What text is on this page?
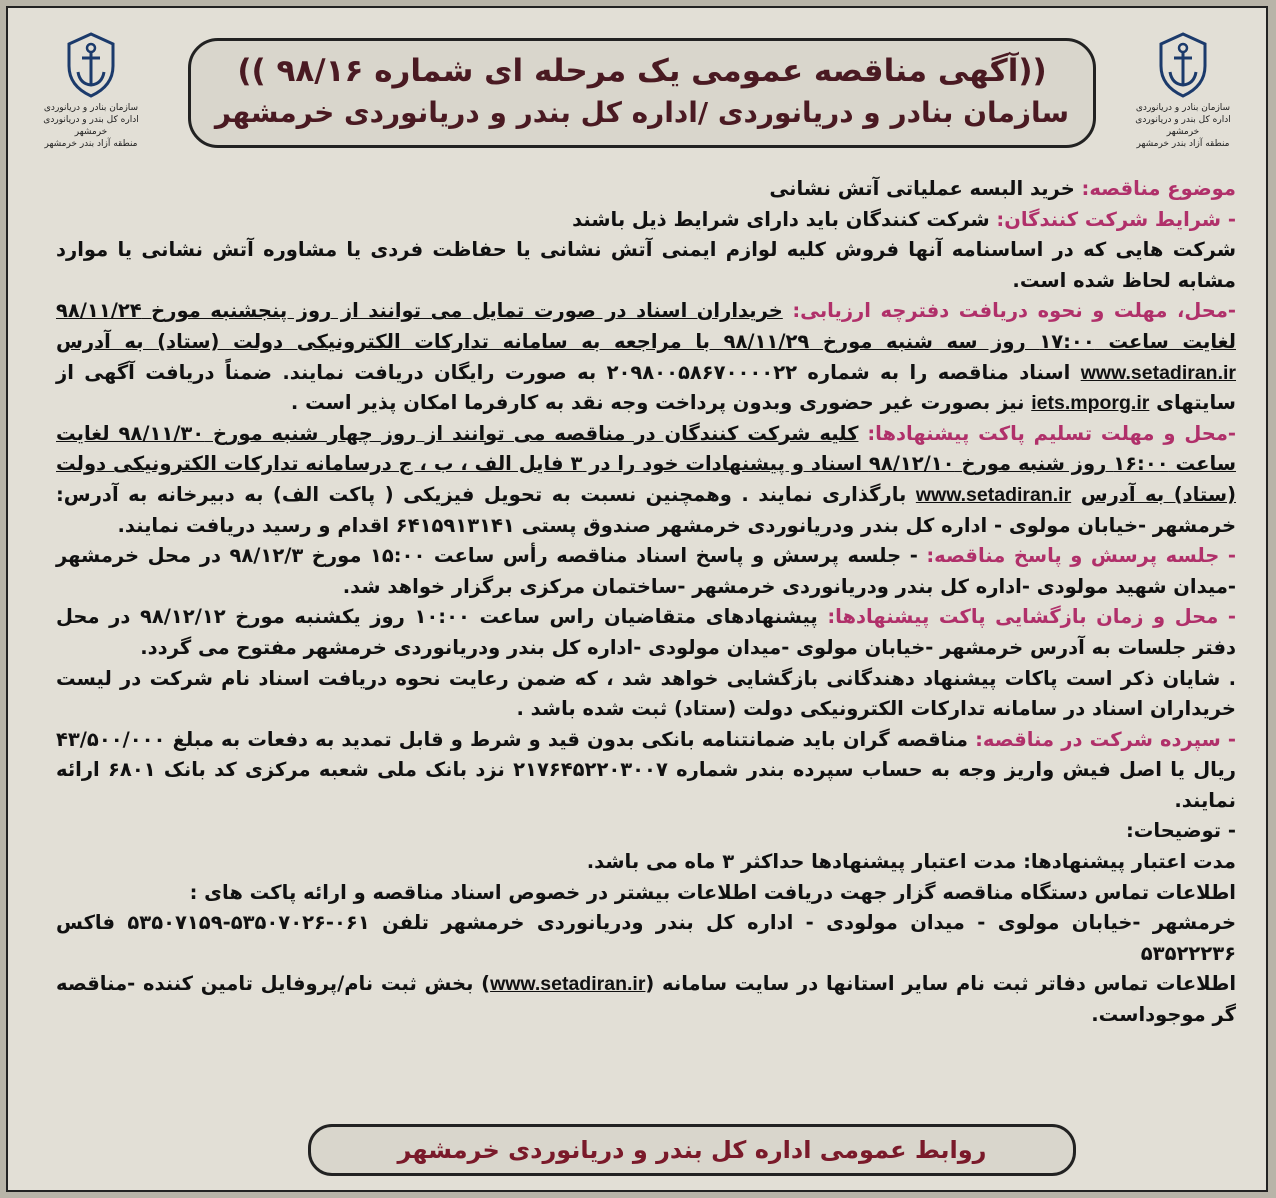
سازمان بنادر و دریانوردی
اداره کل بندر و دریانوردی خرمشهر
منطقه آزاد بندر خرمشهر
سازمان بنادر و دریانوردی
اداره کل بندر و دریانوردی خرمشهر
منطقه آزاد بندر خرمشهر
((آگهی مناقصه عمومی یک مرحله ای شماره ۹۸/۱۶ ))
سازمان بنادر و دریانوردی /اداره کل بندر و دریانوردی خرمشهر

موضوع مناقصه: خرید البسه عملیاتی آتش نشانی

- شرایط شرکت کنندگان: شرکت کنندگان باید دارای شرایط ذیل باشند

شرکت هایی که در اساسنامه آنها فروش کلیه لوازم ایمنی آتش نشانی یا حفاظت فردی یا مشاوره آتش نشانی یا موارد مشابه لحاظ شده است.

-محل، مهلت و نحوه دریافت دفترچه ارزیابی: خریداران اسناد در صورت تمایل می توانند از روز پنجشنبه مورخ ۹۸/۱۱/۲۴ لغایت ساعت ۱۷:۰۰ روز سه شنبه مورخ ۹۸/۱۱/۲۹ با مراجعه به سامانه تدارکات الکترونیکی دولت (ستاد) به آدرس www.setadiran.ir اسناد مناقصه را به شماره ۲۰۹۸۰۰۵۸۶۷۰۰۰۰۲۲ به صورت رایگان دریافت نمایند. ضمناً دریافت آگهی از سایتهای iets.mporg.ir نیز بصورت غیر حضوری وبدون پرداخت وجه نقد به کارفرما امکان پذیر است .

-محل و مهلت تسلیم پاکت پیشنهادها: کلیه شرکت کنندگان در مناقصه می توانند از روز چهار شنبه مورخ ۹۸/۱۱/۳۰ لغایت ساعت ۱۶:۰۰ روز شنبه مورخ ۹۸/۱۲/۱۰ اسناد و پیشنهادات خود را در ۳ فایل الف ، ب ، ج درسامانه تدارکات الکترونیکی دولت (ستاد) به آدرس www.setadiran.ir بارگذاری نمایند . وهمچنین نسبت به تحویل فیزیکی ( پاکت الف) به دبیرخانه به آدرس: خرمشهر -خیابان مولوی - اداره کل بندر ودریانوردی خرمشهر صندوق پستی ۶۴۱۵۹۱۳۱۴۱ اقدام و رسید دریافت نمایند.

- جلسه پرسش و پاسخ مناقصه: - جلسه پرسش و پاسخ اسناد مناقصه رأس ساعت ۱۵:۰۰ مورخ ۹۸/۱۲/۳ در محل خرمشهر -میدان شهید مولودی -اداره کل بندر ودریانوردی خرمشهر -ساختمان مرکزی برگزار خواهد شد.

- محل و زمان بازگشایی پاکت پیشنهادها: پیشنهادهای متقاضیان راس ساعت ۱۰:۰۰ روز یکشنبه مورخ ۹۸/۱۲/۱۲ در محل دفتر جلسات به آدرس خرمشهر -خیابان مولوی -میدان مولودی -اداره کل بندر ودریانوردی خرمشهر مفتوح می گردد.

. شایان ذکر است پاکات پیشنهاد دهندگانی بازگشایی خواهد شد ، که ضمن رعایت نحوه دریافت اسناد نام شرکت در لیست خریداران اسناد در سامانه تدارکات الکترونیکی دولت (ستاد) ثبت شده باشد .

- سپرده شرکت در مناقصه: مناقصه گران باید ضمانتنامه بانکی بدون قید و شرط و قابل تمدید به دفعات به مبلغ ۴۳/۵۰۰/۰۰۰ ریال یا اصل فیش واریز وجه به حساب سپرده بندر شماره ۲۱۷۶۴۵۲۲۰۳۰۰۷ نزد بانک ملی شعبه مرکزی کد بانک ۶۸۰۱ ارائه نمایند.

- توضیحات:

مدت اعتبار پیشنهادها: مدت اعتبار پیشنهادها حداکثر ۳ ماه می باشد.

اطلاعات تماس دستگاه مناقصه گزار جهت دریافت اطلاعات بیشتر در خصوص اسناد مناقصه و ارائه پاکت های :

خرمشهر -خیابان مولوی - میدان مولودی - اداره کل بندر ودریانوردی خرمشهر تلفن ۰۶۱-۵۳۵۰۷۰۲۶-۵۳۵۰۷۱۵۹ فاکس ۵۳۵۲۲۲۳۶

اطلاعات تماس دفاتر ثبت نام سایر استانها در سایت سامانه (www.setadiran.ir) بخش ثبت نام/پروفایل تامین کننده -مناقصه گر موجوداست.

روابط عمومی اداره کل بندر و دریانوردی خرمشهر
